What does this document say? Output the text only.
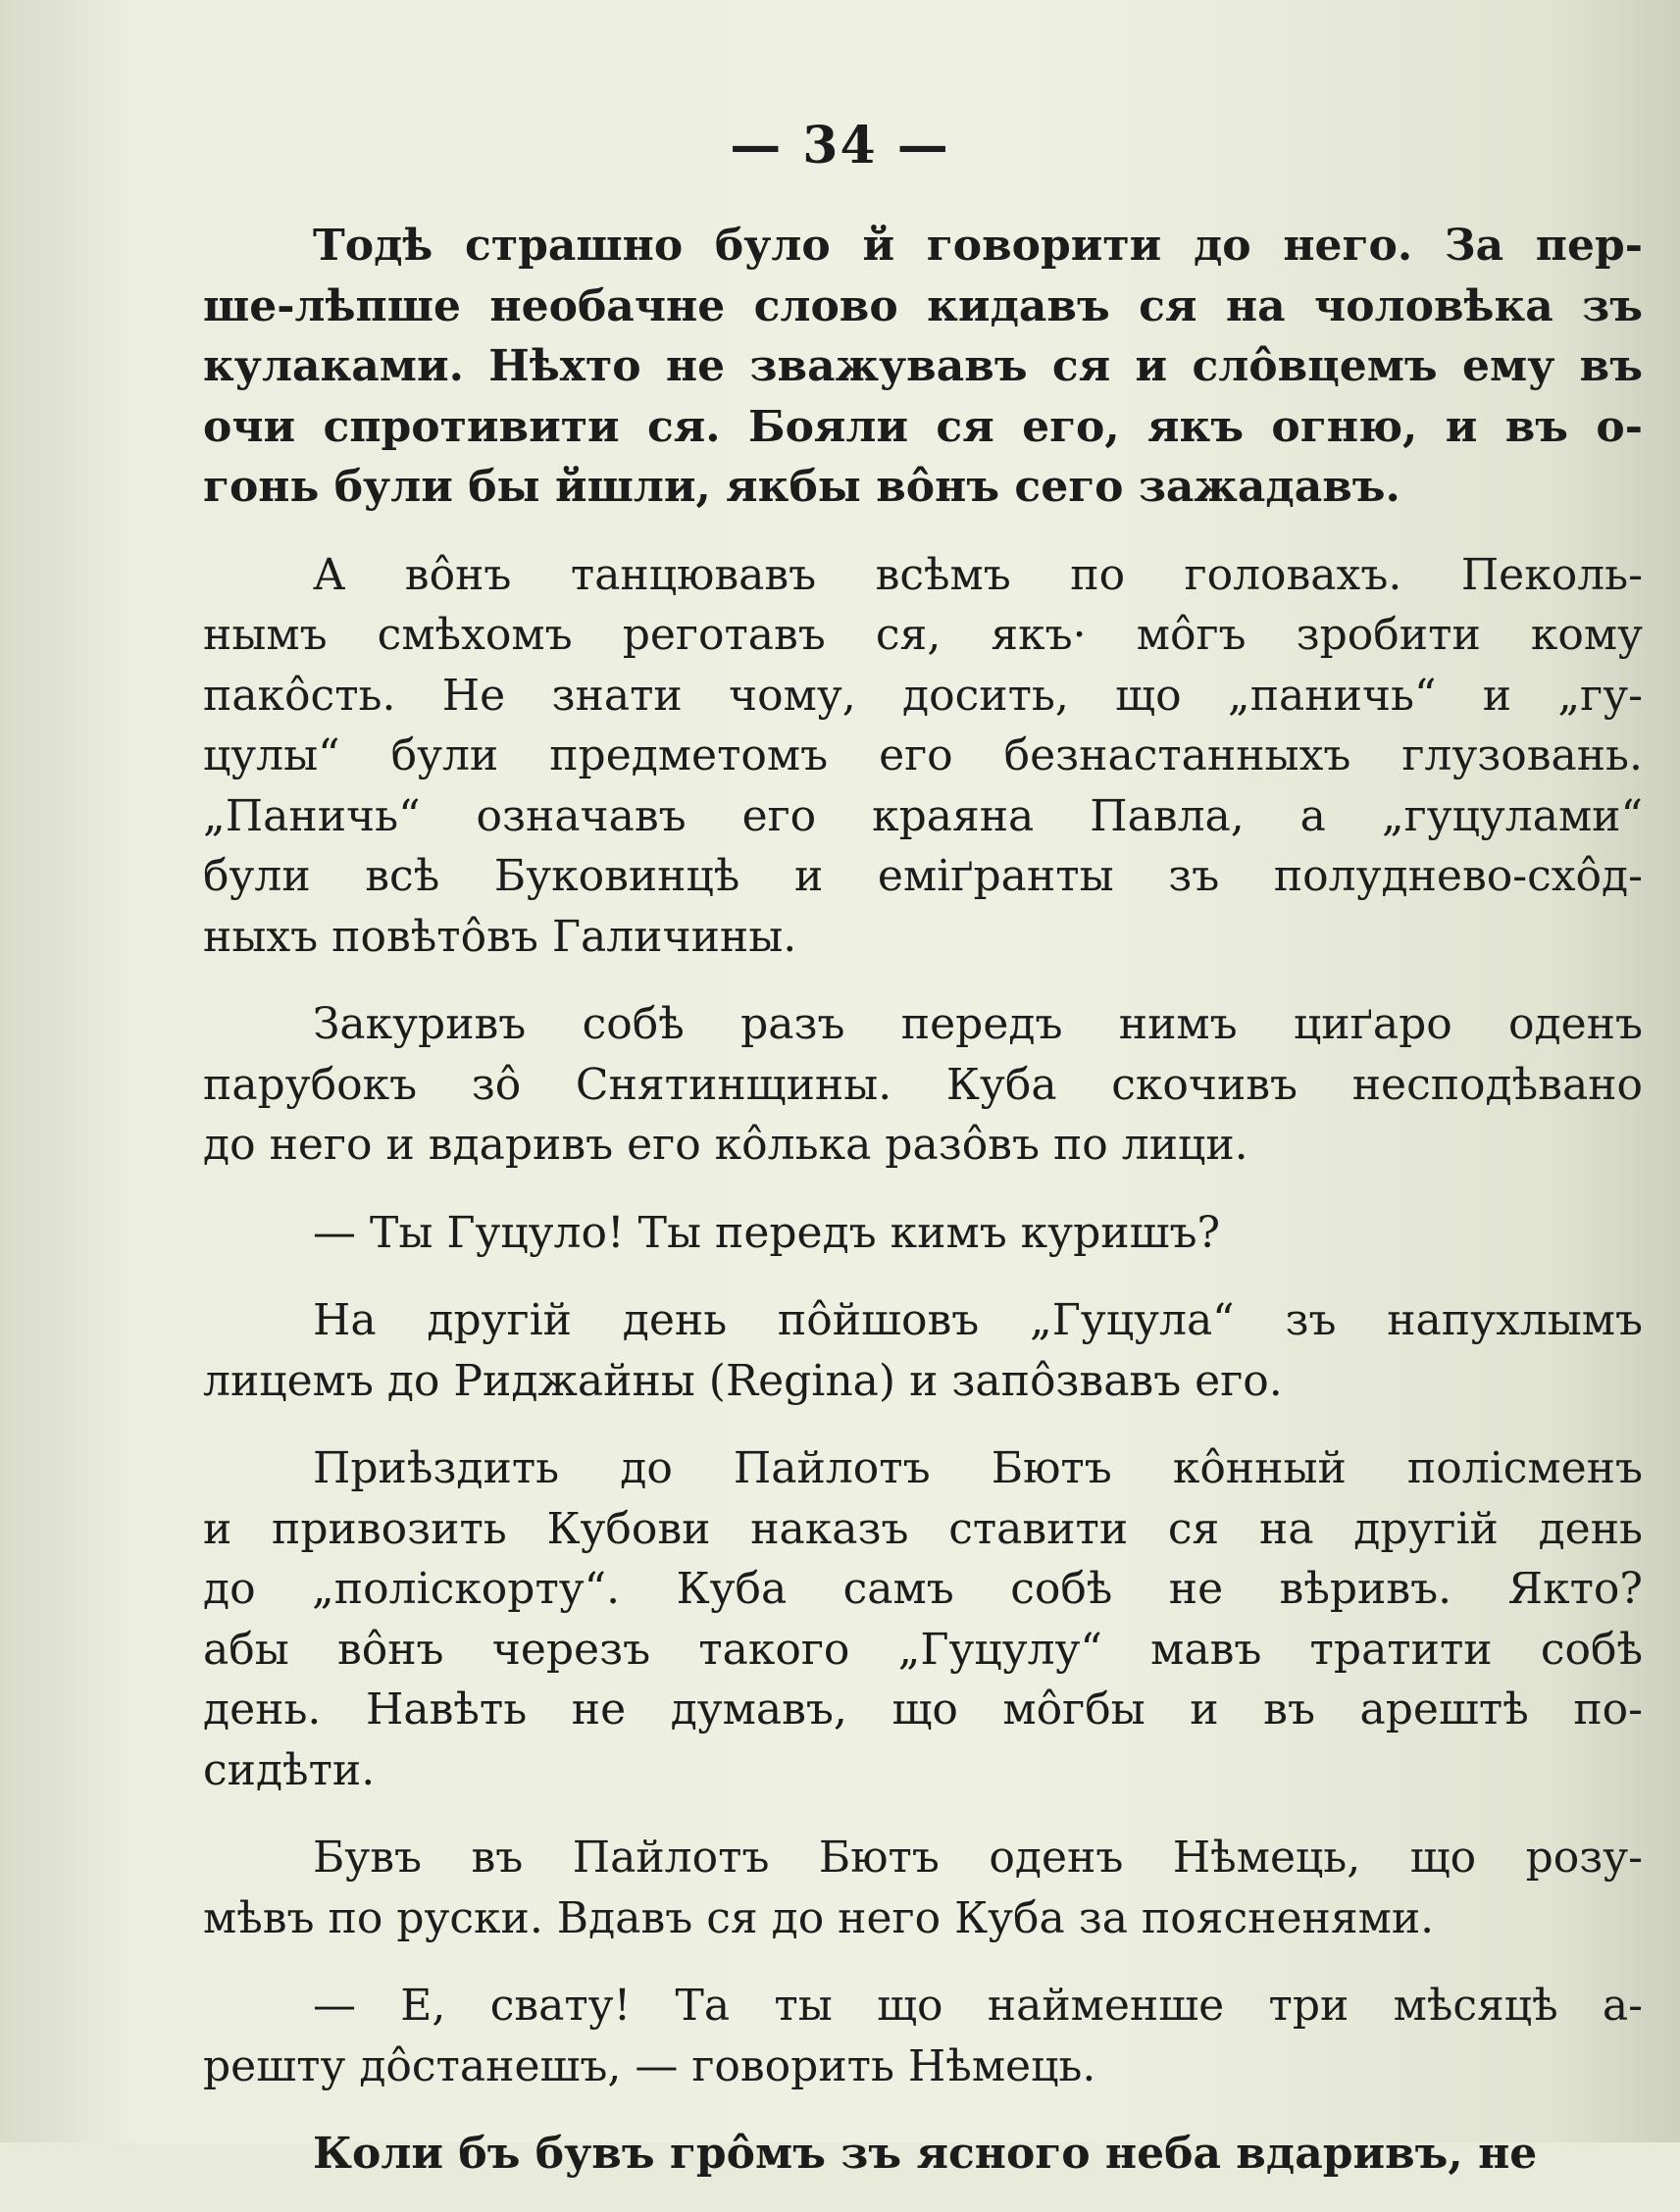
— 34 —
Тодѣ страшно було й говорити до него. За пер-
ше-лѣпше необачне слово кидавъ ся на чоловѣка зъ
кулаками. Нѣхто не зважувавъ ся и слôвцемъ ему въ
очи спротивити ся. Бояли ся его, якъ огню, и въ о-
гонь були бы йшли, якбы вôнъ сего зажадавъ.
А вôнъ танцювавъ всѣмъ по головахъ. Пеколь-
нымъ смѣхомъ реготавъ ся, якъ· мôгъ зробити кому
пакôсть. Не знати чому, досить, що „паничь“ и „гу-
цулы“ були предметомъ его безнастанныхъ глузовань.
„Паничь“ означавъ его краяна Павла, а „гуцулами“
були всѣ Буковинцѣ и еміґранты зъ полудневo-схôд-
ныхъ повѣтôвъ Галичины.
Закуривъ собѣ разъ передъ нимъ циґаро оденъ
парубокъ зô Снятинщины. Куба скочивъ несподѣвано
до него и вдаривъ его кôлька разôвъ по лици.
— Ты Гуцуло! Ты передъ кимъ куришъ?
На другій день пôйшовъ „Гуцула“ зъ напухлымъ
лицемъ до Риджайны (Regina) и запôзвавъ его.
Приѣздить до Пайлотъ Бютъ кôнный полісменъ
и привозить Кубови наказъ ставити ся на другій день
до „поліскорту“. Куба самъ собѣ не вѣривъ. Якто?
абы вôнъ черезъ такого „Гуцулу“ мавъ тратити собѣ
день. Навѣть не думавъ, що мôгбы и въ арештѣ по-
сидѣти.
Бувъ въ Пайлотъ Бютъ оденъ Нѣмець, що розу-
мѣвъ по руски. Вдавъ ся до него Куба за поясненями.
— Е, свату! Та ты що найменше три мѣсяцѣ а-
решту дôстанешъ, — говорить Нѣмець.
Коли бъ бувъ грôмъ зъ ясного неба вдаривъ, не
